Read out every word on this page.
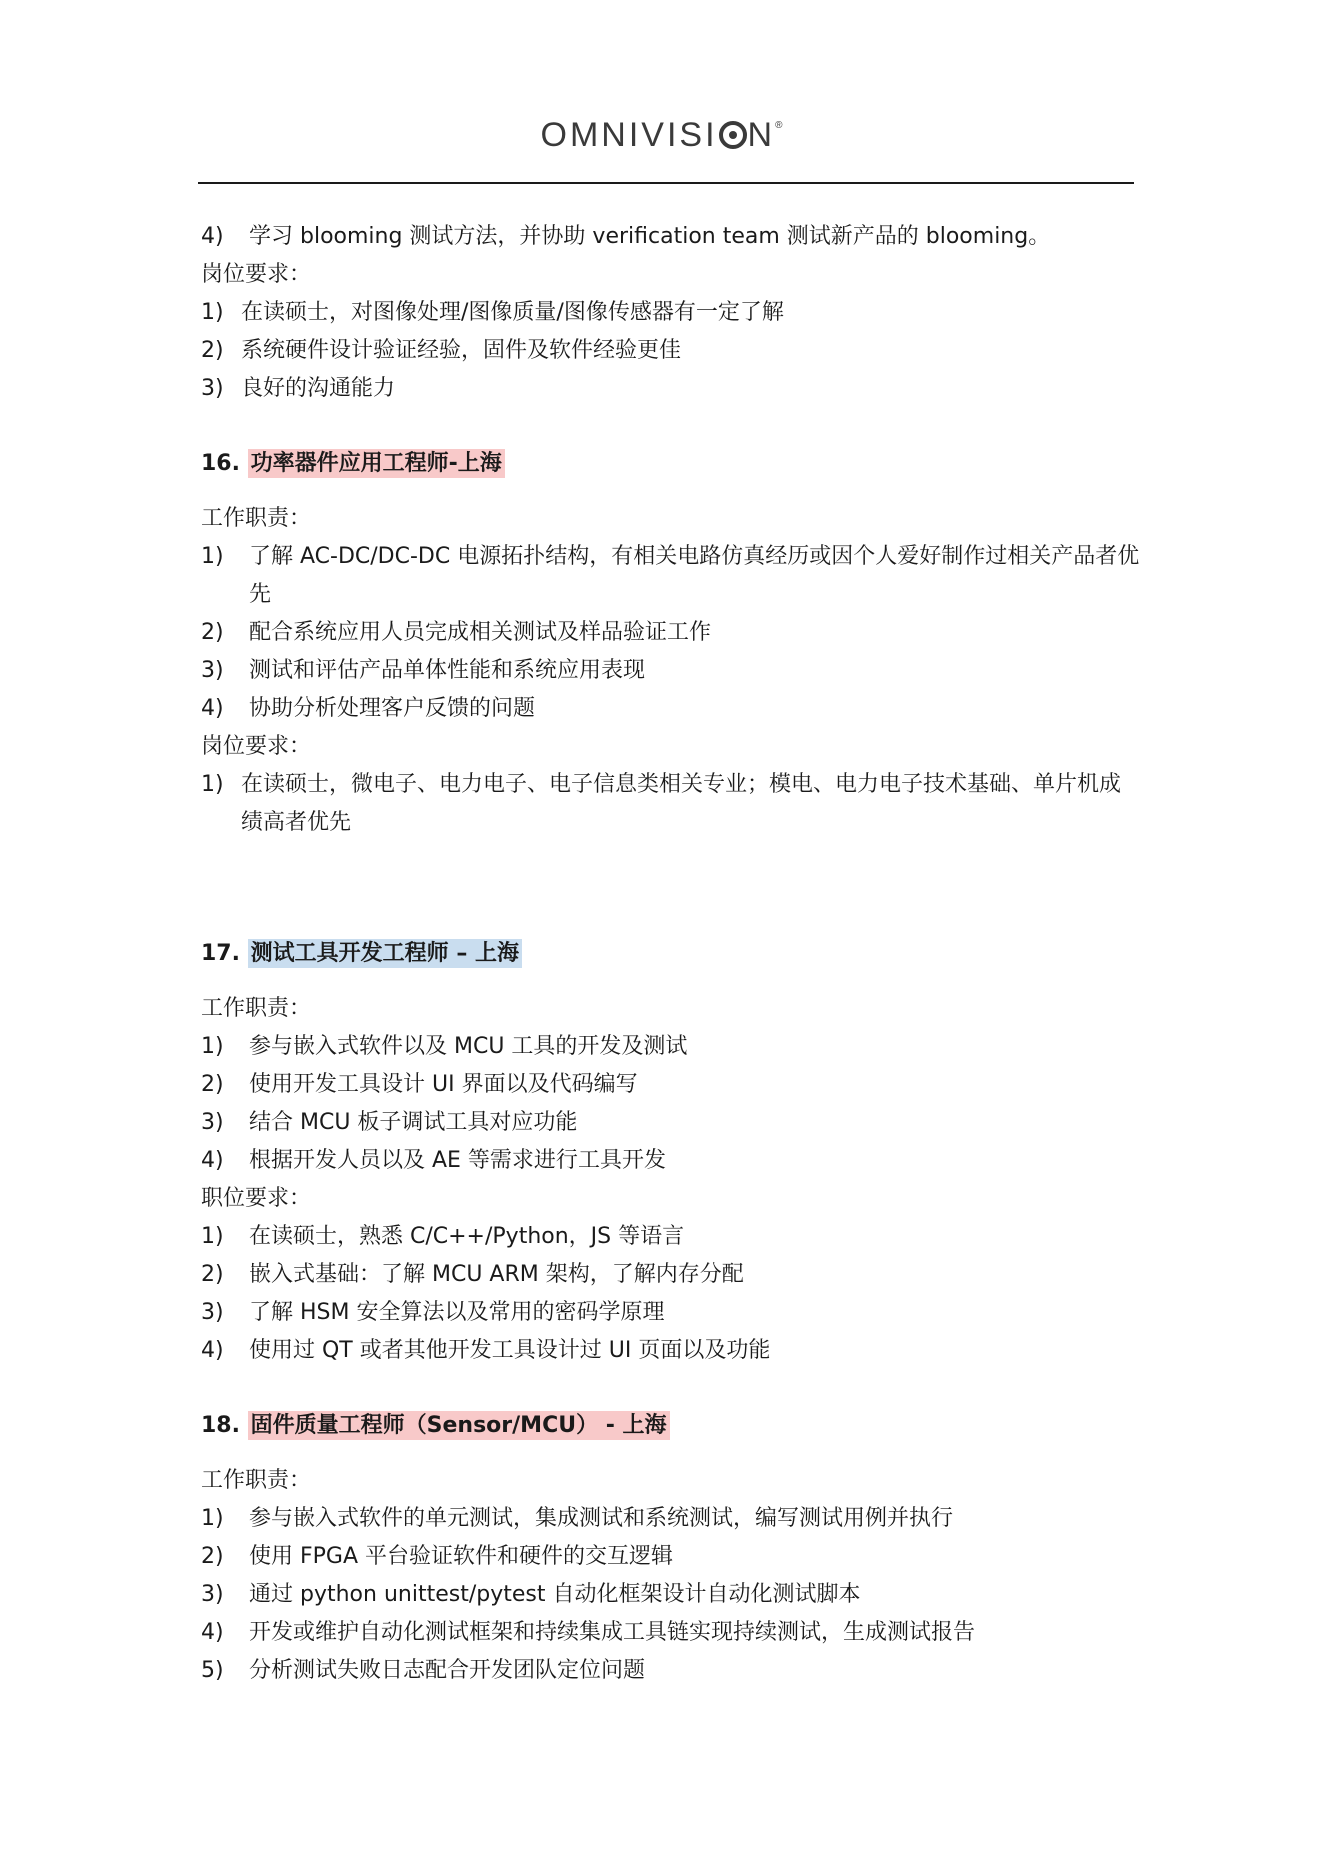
OMNIVISI N®
4)	学习 blooming 测试方法，并协助 verification team 测试新产品的 blooming。
岗位要求：
1) 在读硕士，对图像处理/图像质量/图像传感器有一定了解
2) 系统硬件设计验证经验，固件及软件经验更佳
3) 良好的沟通能力
16. 功率器件应用工程师-上海
工作职责：
1)	了解 AC-DC/DC-DC 电源拓扑结构，有相关电路仿真经历或因个人爱好制作过相关产品者优先
2)	配合系统应用人员完成相关测试及样品验证工作
3)	测试和评估产品单体性能和系统应用表现
4)	协助分析处理客户反馈的问题
岗位要求：
1) 在读硕士，微电子、电力电子、电子信息类相关专业；模电、电力电子技术基础、单片机成绩高者优先
17. 测试工具开发工程师 – 上海
工作职责：
1)	参与嵌入式软件以及 MCU 工具的开发及测试
2)	使用开发工具设计 UI 界面以及代码编写
3)	结合 MCU 板子调试工具对应功能
4)	根据开发人员以及 AE 等需求进行工具开发
职位要求：
1)	在读硕士，熟悉 C/C++/Python，JS 等语言
2)	嵌入式基础：了解 MCU ARM 架构，了解内存分配
3)	了解 HSM 安全算法以及常用的密码学原理
4)	使用过 QT 或者其他开发工具设计过 UI 页面以及功能
18. 固件质量工程师（Sensor/MCU） - 上海
工作职责：
1)	参与嵌入式软件的单元测试，集成测试和系统测试，编写测试用例并执行
2)	使用 FPGA 平台验证软件和硬件的交互逻辑
3)	通过 python unittest/pytest 自动化框架设计自动化测试脚本
4)	开发或维护自动化测试框架和持续集成工具链实现持续测试，生成测试报告
5)	分析测试失败日志配合开发团队定位问题
